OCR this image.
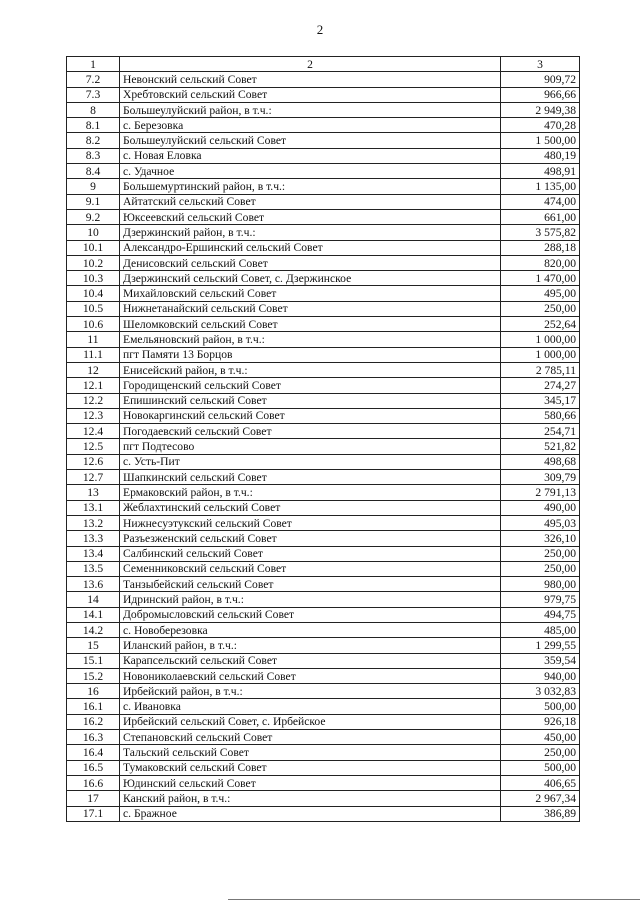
2
1	2	3
7.2	Невонский сельский Совет	909,72
7.3	Хребтовский сельский Совет	966,66
8	Большеулуйский район, в т.ч.:	2 949,38
8.1	с. Березовка	470,28
8.2	Большеулуйский сельский Совет	1 500,00
8.3	с. Новая Еловка	480,19
8.4	с. Удачное	498,91
9	Большемуртинский район, в т.ч.:	1 135,00
9.1	Айтатский сельский Совет	474,00
9.2	Юксеевский сельский Совет	661,00
10	Дзержинский район, в т.ч.:	3 575,82
10.1	Александро-Ершинский сельский Совет	288,18
10.2	Денисовский сельский Совет	820,00
10.3	Дзержинский сельский Совет, с. Дзержинское	1 470,00
10.4	Михайловский сельский Совет	495,00
10.5	Нижнетанайский сельский Совет	250,00
10.6	Шеломковский сельский Совет	252,64
11	Емельяновский район, в т.ч.:	1 000,00
11.1	пгт Памяти 13 Борцов	1 000,00
12	Енисейский район, в т.ч.:	2 785,11
12.1	Городищенский сельский Совет	274,27
12.2	Епишинский сельский Совет	345,17
12.3	Новокаргинский сельский Совет	580,66
12.4	Погодаевский сельский Совет	254,71
12.5	пгт Подтесово	521,82
12.6	с. Усть-Пит	498,68
12.7	Шапкинский сельский Совет	309,79
13	Ермаковский район, в т.ч.:	2 791,13
13.1	Жеблахтинский сельский Совет	490,00
13.2	Нижнесуэтукский сельский Совет	495,03
13.3	Разъезженский сельский Совет	326,10
13.4	Салбинский сельский Совет	250,00
13.5	Семенниковский сельский Совет	250,00
13.6	Танзыбейский сельский Совет	980,00
14	Идринский район, в т.ч.:	979,75
14.1	Добромысловский сельский Совет	494,75
14.2	с. Новоберезовка	485,00
15	Иланский район, в т.ч.:	1 299,55
15.1	Карапсельский сельский Совет	359,54
15.2	Новониколаевский сельский Совет	940,00
16	Ирбейский район, в т.ч.:	3 032,83
16.1	с. Ивановка	500,00
16.2	Ирбейский сельский Совет, с. Ирбейское	926,18
16.3	Степановский сельский Совет	450,00
16.4	Тальский сельский Совет	250,00
16.5	Тумаковский сельский Совет	500,00
16.6	Юдинский сельский Совет	406,65
17	Канский район, в т.ч.:	2 967,34
17.1	с. Бражное	386,89
